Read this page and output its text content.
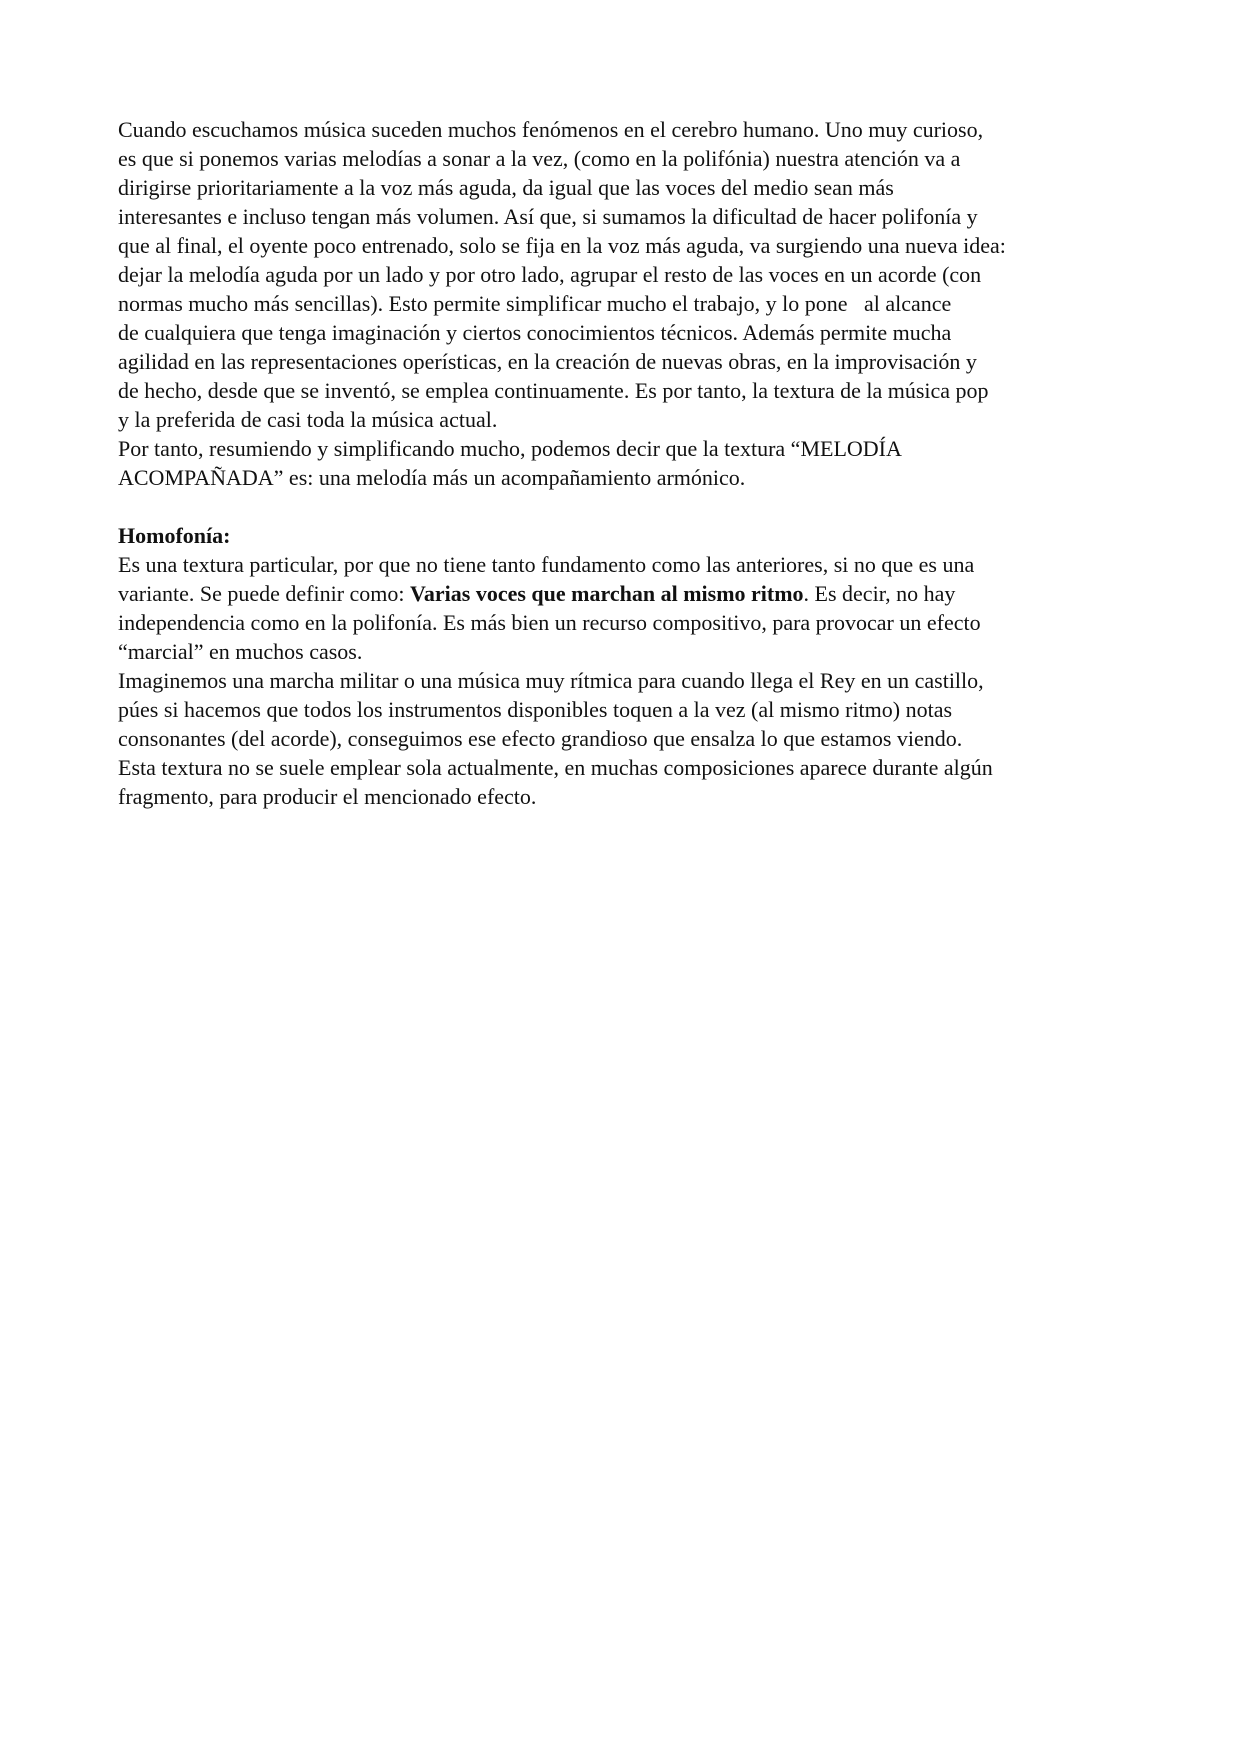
Cuando escuchamos música suceden muchos fenómenos en el cerebro humano. Uno muy curioso,
es que si ponemos varias melodías a sonar a la vez, (como en la polifónia) nuestra atención va a
dirigirse prioritariamente a la voz más aguda, da igual que las voces del medio sean más
interesantes e incluso tengan más volumen. Así que, si sumamos la dificultad de hacer polifonía y
que al final, el oyente poco entrenado, solo se fija en la voz más aguda, va surgiendo una nueva idea:
dejar la melodía aguda por un lado y por otro lado, agrupar el resto de las voces en un acorde (con
normas mucho más sencillas). Esto permite simplificar mucho el trabajo, y lo pone   al alcance
de cualquiera que tenga imaginación y ciertos conocimientos técnicos. Además permite mucha
agilidad en las representaciones operísticas, en la creación de nuevas obras, en la improvisación y
de hecho, desde que se inventó, se emplea continuamente. Es por tanto, la textura de la música pop
y la preferida de casi toda la música actual.
Por tanto, resumiendo y simplificando mucho, podemos decir que la textura “MELODÍA
ACOMPAÑADA” es: una melodía más un acompañamiento armónico.
Homofonía:
Es una textura particular, por que no tiene tanto fundamento como las anteriores, si no que es una
variante. Se puede definir como: Varias voces que marchan al mismo ritmo. Es decir, no hay
independencia como en la polifonía. Es más bien un recurso compositivo, para provocar un efecto
“marcial” en muchos casos.
Imaginemos una marcha militar o una música muy rítmica para cuando llega el Rey en un castillo,
púes si hacemos que todos los instrumentos disponibles toquen a la vez (al mismo ritmo) notas
consonantes (del acorde), conseguimos ese efecto grandioso que ensalza lo que estamos viendo.
Esta textura no se suele emplear sola actualmente, en muchas composiciones aparece durante algún
fragmento, para producir el mencionado efecto.
